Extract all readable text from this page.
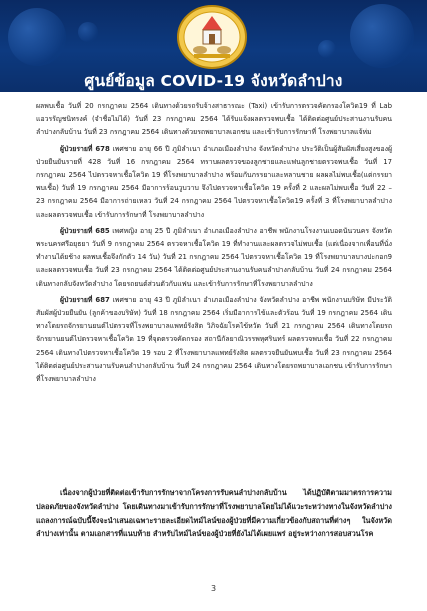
ศูนย์ข้อมูล COVID-19 จังหวัดลำปาง

ผลพบเชื้อ วันที่ 20 กรกฎาคม 2564 เดินทางด้วยรถรับจ้างสาธารณะ (Taxi) เข้ารับการตรวจคัดกรองโควิด19 ที่ Lab แอวรรัญชนิทรงค์ (จำชื่อไม่ได้) วันที่ 23 กรกฎาคม 2564 ได้รับแจ้งผลตรวจพบเชื้อ ได้ติดต่อศูนย์ประสานงานรับคนลำปางกลับบ้าน วันที่ 23 กรกฎาคม 2564 เดินทางด้วยรถพยาบาลเอกชน และเข้ารับการรักษาที่ โรงพยาบาลแจ้ห่ม

ผู้ป่วยรายที่ 678 เพศชาย อายุ 66 ปี ภูมิลำเนา อำเภอเมืองลำปาง จังหวัดลำปาง ประวัติเป็นผู้สัมผัสเสี่ยงสูงของผู้ป่วยยืนยันรายที่ 428 วันที่ 16 กรกฎาคม 2564 ทราบผลตรวจของลูกชายและแฟนลูกชายตรวจพบเชื้อ วันที่ 17 กรกฎาคม 2564 ไปตรวจหาเชื้อโควิด 19 ที่โรงพยาบาลลำปาง พร้อมกับภรรยาและหลานชาย ผลผลไม่พบเชื้อ(แต่กรรยาพบเชื้อ) วันที่ 19 กรกฎาคม 2564 มีอาการร้อนวูบวาบ จึงไปตรวจหาเชื้อโควิด 19 ครั้งที่ 2 และผลไม่พบเชื้อ วันที่ 22 – 23 กรกฎาคม 2564 มีอาการถ่ายเหลว วันที่ 24 กรกฎาคม 2564 ไปตรวจหาเชื้อโควิด19 ครั้งที่ 3 ที่โรงพยาบาลลำปาง และผลตรวจพบเชื้อ เข้ารับการรักษาที่ โรงพยาบาลลำปาง

ผู้ป่วยรายที่ 685 เพศหญิง อายุ 25 ปี ภูมิลำเนา อำเภอเมืองลำปาง อาชีพ พนักงานโรงงานเบอดนันวนคร จังหวัดพระนครศรีอยุธยา วันที่ 9 กรกฎาคม 2564 ตรวจหาเชื้อโควิด 19 ที่ทำงานและผลตรวจไม่พบเชื้อ (แต่เนื่องจากเพื่อนที่นั่งทำงานได้ยช้าง ผลพบเชื้อจึงกักตัว 14 วัน) วันที่ 21 กรกฎาคม 2564 ไปตรวจหาเชื้อโควิด 19 ที่โรงพยาบาลบางปะกอก9 และผลตรวจพบเชื้อ วันที่ 23 กรกฎาคม 2564 ได้ติดต่อศูนย์ประสานงานรับคนลำปางกลับบ้าน วันที่ 24 กรกฎาคม 2564 เดินทางกลับจังหวัดลำปาง โดยรถยนต์ส่วนตัวกับแฟน และเข้ารับการรักษาที่โรงพยาบาลลำปาง

ผู้ป่วยรายที่ 687 เพศชาย อายุ 43 ปี ภูมิลำเนา อำเภอเมืองลำปาง จังหวัดลำปาง อาชีพ พนักงานบริษัท มีประวัติสัมผัสผู้ป่วยยืนยัน (ลูกค้าของบริษัท) วันที่ 18 กรกฎาคม 2564 เริ่มมีอาการไข้และตัวร้อน วันที่ 19 กรกฎาคม 2564 เดินทางโดยรถจักรยานยนต์ไปตรวจที่โรงพยาบาลแพทย์รังสิต วิภิจฉัยโรคไข้หวัด วันที่ 21 กรกฎาคม 2564 เดินทางโดยรถจักรยานยนต์ไปตรวจหาเชื้อโควิด 19 ที่จุดตรวจคัดกรอง สถานีกัลยาณิวรรพหุศรินทร์ ผลตรวจพบเชื้อ วันที่ 22 กรกฎาคม 2564 เดินทางไปตรวจหาเชื้อโควิด 19 รอบ 2 ที่โรงพยาบาลแพทย์รังสิต ผลตรวจยืนยันพบเชื้อ วันที่ 23 กรกฎาคม 2564 ได้ติดต่อศูนย์ประสานงานรับคนลำปางกลับบ้าน วันที่ 24 กรกฎาคม 2564 เดินทางโดยรถพยาบาลเอกชน เข้ารับการรักษาที่โรงพยาบาลลำปาง

เนื่องจากผู้ป่วยที่ติดต่อเข้ารับการรักษาจากโครงการรับคนลำปางกลับบ้าน ได้ปฏิบัติตามมาตรการความปลอดภัยของจังหวัดลำปาง โดยเดินทางมาเข้ารับการรักษาที่โรงพยาบาลโดยไม่ได้แวะระหว่างทางในจังหวัดลำปาง แถลงการณ์ฉบับนี้จึงจะนำเสนอเฉพาะรายละเอียดไทม์ไลน์ของผู้ป่วยที่มีความเกี่ยวข้องกับสถานที่ต่างๆ ในจังหวัดลำปางเท่านั้น ตามเอกสารที่แนบท้าย สำหรับไทม์ไลน์ของผู้ป่วยที่ยังไม่ได้เผยแพร่ อยู่ระหว่างการสอบสวนโรค

3
